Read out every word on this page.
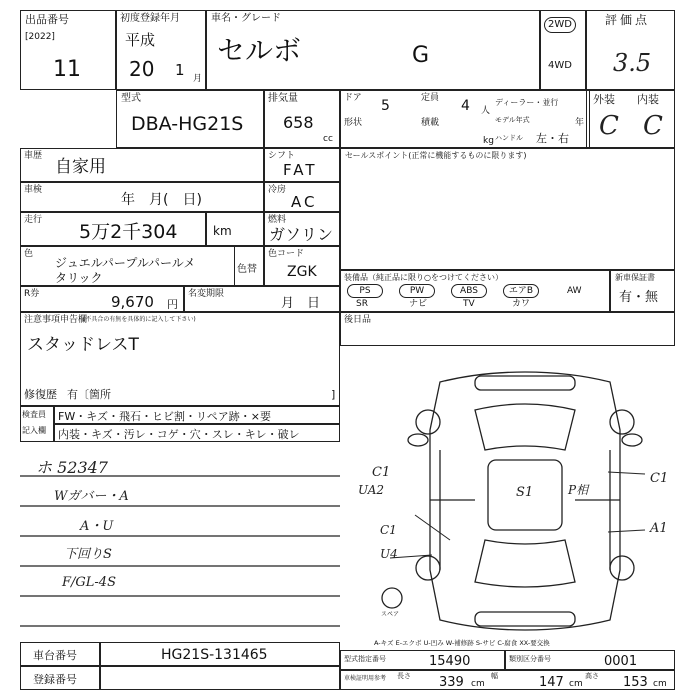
出品番号
[2022]
11
初度登録年月
平成
20 1 月
車名・グレード
セルボ	G
2WD
4WD
評価点
3.5
型式
DBA-HG21S
排気量
658
cc
ドア 5	定員 4 人
形状	積載
kg
ディーラー・並行
モデル年式	年
ハンドル 左・右
外装 内装
C C
車歴
自家用
シフト
FAT
車検
年　月(　日)
冷房
AC
走行
5万2千304	km
燃料
ガソリン
色
ジュエルパープルパールメ
タリック
色替
色コード
ZGK
R券	9,670 円
名変期限
月　日
注意事項申告欄
(不具合の有無を具体的に記入して下さい)
スタッドレスT
修復歴 有〔箇所	]
セールスポイント(正常に機能するものに限ります)
装備品（純正品に限り○をつけてください）
PS	PW	ABS	エアB	AW
SR	ナビ	TV	カワ
新車保証書
有・無
後日品
検査員
記入欄
FW・キズ・飛石・ヒビ割・リペア跡・×要
内装・キズ・汚レ・コゲ・穴・スレ・キレ・破レ
ホ 52347
Wガバー・A
A・U
下回りS
F/GL-4S
C1
UA2
C1
U4
S1	P相
C1
A1
スペア
A-キズ E-エクボ U-凹み W-補修跡 S-サビ C-腐食 XX-要交換
車台番号	HG21S-131465
登録番号
型式指定番号	15490	類別区分番号	0001
車検証明用参考 長さ 339 cm
幅	147 cm
高さ 153 cm
